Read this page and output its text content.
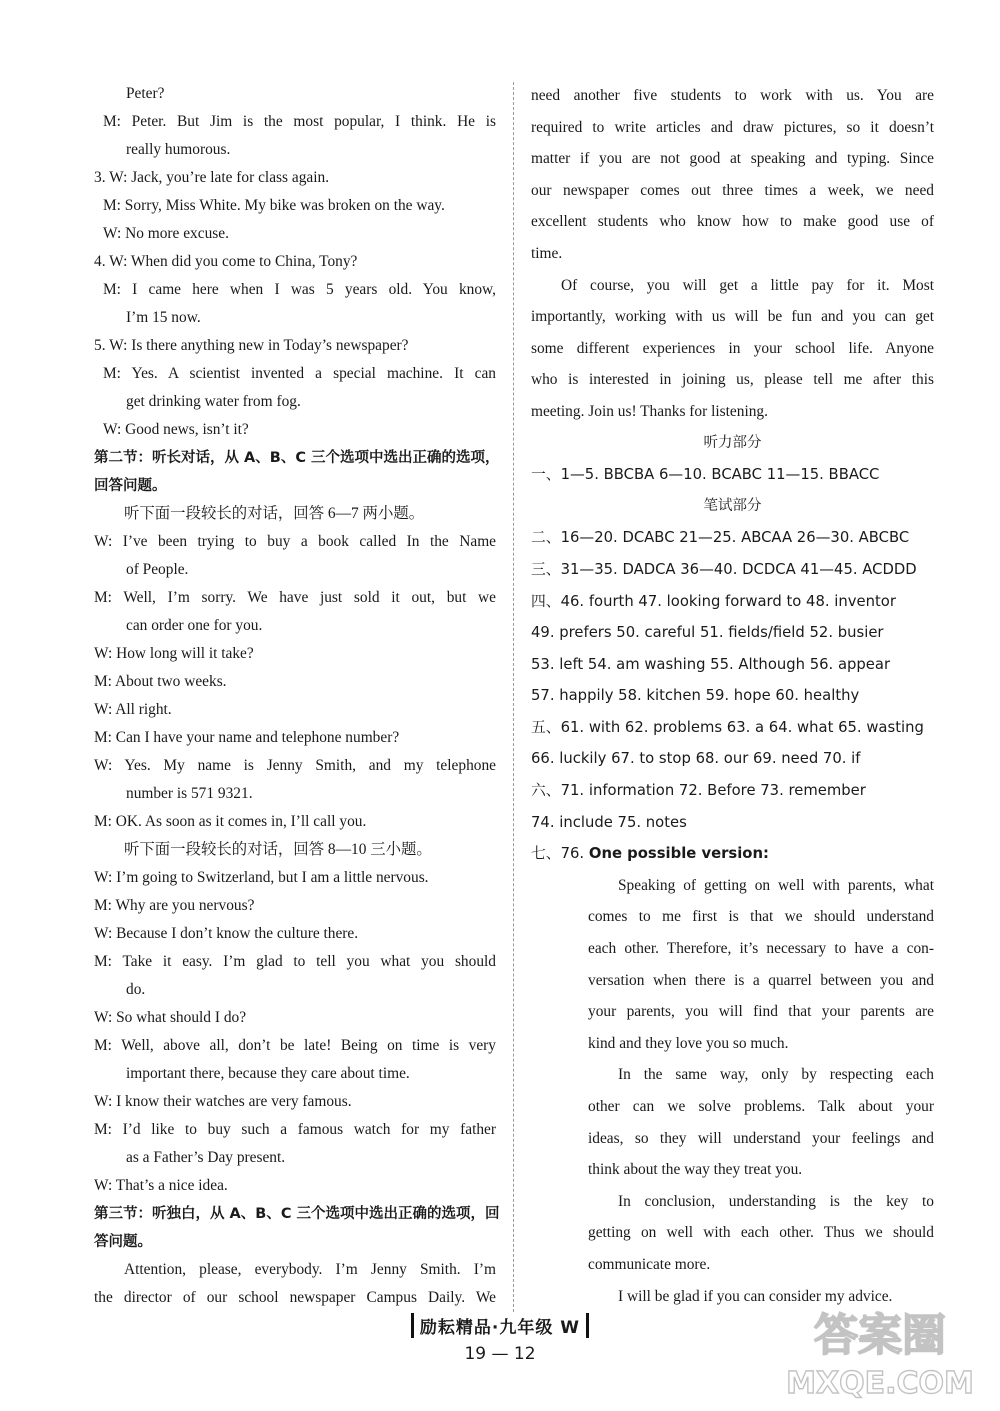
Peter?
M: Peter. But Jim is the most popular, I think. He is
really humorous.
3. W: Jack, you’re late for class again.
M: Sorry, Miss White. My bike was broken on the way.
W: No more excuse.
4. W: When did you come to China, Tony?
M: I came here when I was 5 years old. You know,
I’m 15 now.
5. W: Is there anything new in Today’s newspaper?
M: Yes. A scientist invented a special machine. It can
get drinking water from fog.
W: Good news, isn’t it?
第二节：听长对话，从 A、B、C 三个选项中选出正确的选项，
回答问题。
听下面一段较长的对话，回答 6—7 两小题。
W: I’ve been trying to buy a book called In the Name
of People.
M: Well, I’m sorry. We have just sold it out, but we
can order one for you.
W: How long will it take?
M: About two weeks.
W: All right.
M: Can I have your name and telephone number?
W: Yes. My name is Jenny Smith, and my telephone
number is 571 9321.
M: OK. As soon as it comes in, I’ll call you.
听下面一段较长的对话，回答 8—10 三小题。
W: I’m going to Switzerland, but I am a little nervous.
M: Why are you nervous?
W: Because I don’t know the culture there.
M: Take it easy. I’m glad to tell you what you should
do.
W: So what should I do?
M: Well, above all, don’t be late! Being on time is very
important there, because they care about time.
W: I know their watches are very famous.
M: I’d like to buy such a famous watch for my father
as a Father’s Day present.
W: That’s a nice idea.
第三节：听独白，从 A、B、C 三个选项中选出正确的选项，回
答问题。
Attention, please, everybody. I’m Jenny Smith. I’m
the director of our school newspaper Campus Daily. We
need another five students to work with us. You are
required to write articles and draw pictures, so it doesn’t
matter if you are not good at speaking and typing. Since
our newspaper comes out three times a week, we need
excellent students who know how to make good use of
time.
Of course, you will get a little pay for it. Most
importantly, working with us will be fun and you can get
some different experiences in your school life. Anyone
who is interested in joining us, please tell me after this
meeting. Join us! Thanks for listening.
听力部分
一、1—5. BBCBA 6—10. BCABC 11—15. BBACC
笔试部分
二、16—20. DCABC 21—25. ABCAA 26—30. ABCBC
三、31—35. DADCA 36—40. DCDCA 41—45. ACDDD
四、46. fourth 47. looking forward to 48. inventor
49. prefers 50. careful 51. fields/field 52. busier
53. left 54. am washing 55. Although 56. appear
57. happily 58. kitchen 59. hope 60. healthy
五、61. with 62. problems 63. a 64. what 65. wasting
66. luckily 67. to stop 68. our 69. need 70. if
六、71. information 72. Before 73. remember
74. include 75. notes
七、76. One possible version:
Speaking of getting on well with parents, what
comes to me first is that we should understand
each other. Therefore, it’s necessary to have a con-
versation when there is a quarrel between you and
your parents, you will find that your parents are
kind and they love you so much.
In the same way, only by respecting each
other can we solve problems. Talk about your
ideas, so they will understand your feelings and
think about the way they treat you.
In conclusion, understanding is the key to
getting on well with each other. Thus we should
communicate more.
I will be glad if you can consider my advice.
励耘精品·九年级 W
19 — 12	答案圈
MXQE.COM
